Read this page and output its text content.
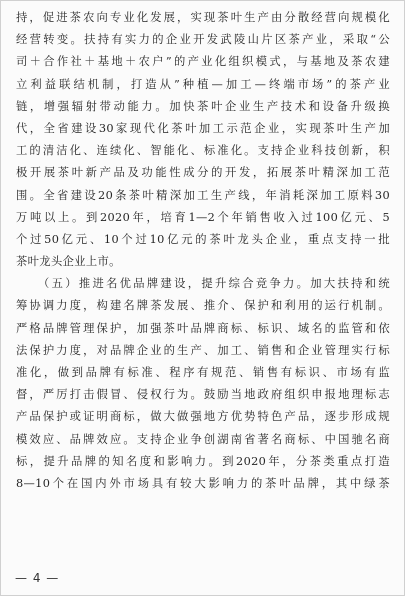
持，促进茶农向专业化发展，实现茶叶生产由分散经营向规模化
经营转变。扶持有实力的企业开发武陵山片区茶产业，采取“公
司＋合作社＋基地＋农户”的产业化组织模式，与基地及茶农建
立利益联结机制，打造从”种植—加工—终端市场”的茶产业
链，增强辐射带动能力。加快茶叶企业生产技术和设备升级换
代，全省建设30家现代化茶叶加工示范企业，实现茶叶生产加
工的清洁化、连续化、智能化、标准化。支持企业科技创新，积
极开展茶叶新产品及功能性成分的开发，拓展茶叶精深加工范
围。全省建设20条茶叶精深加工生产线，年消耗深加工原料30
万吨以上。到2020年，培育1—2个年销售收入过100亿元、5
个过50亿元、10个过10亿元的茶叶龙头企业，重点支持一批
茶叶龙头企业上市。
（五）推进名优品牌建设，提升综合竞争力。加大扶持和统
筹协调力度，构建名牌茶发展、推介、保护和利用的运行机制。
严格品牌管理保护，加强茶叶品牌商标、标识、域名的监管和依
法保护力度，对品牌企业的生产、加工、销售和企业管理实行标
准化，做到品牌有标准、程序有规范、销售有标识、市场有监
督，严厉打击假冒、侵权行为。鼓励当地政府组织申报地理标志
产品保护或证明商标，做大做强地方优势特色产品，逐步形成规
模效应、品牌效应。支持企业争创湖南省著名商标、中国驰名商
标，提升品牌的知名度和影响力。到2020年，分茶类重点打造
8—10个在国内外市场具有较大影响力的茶叶品牌，其中绿茶
— 4 —
